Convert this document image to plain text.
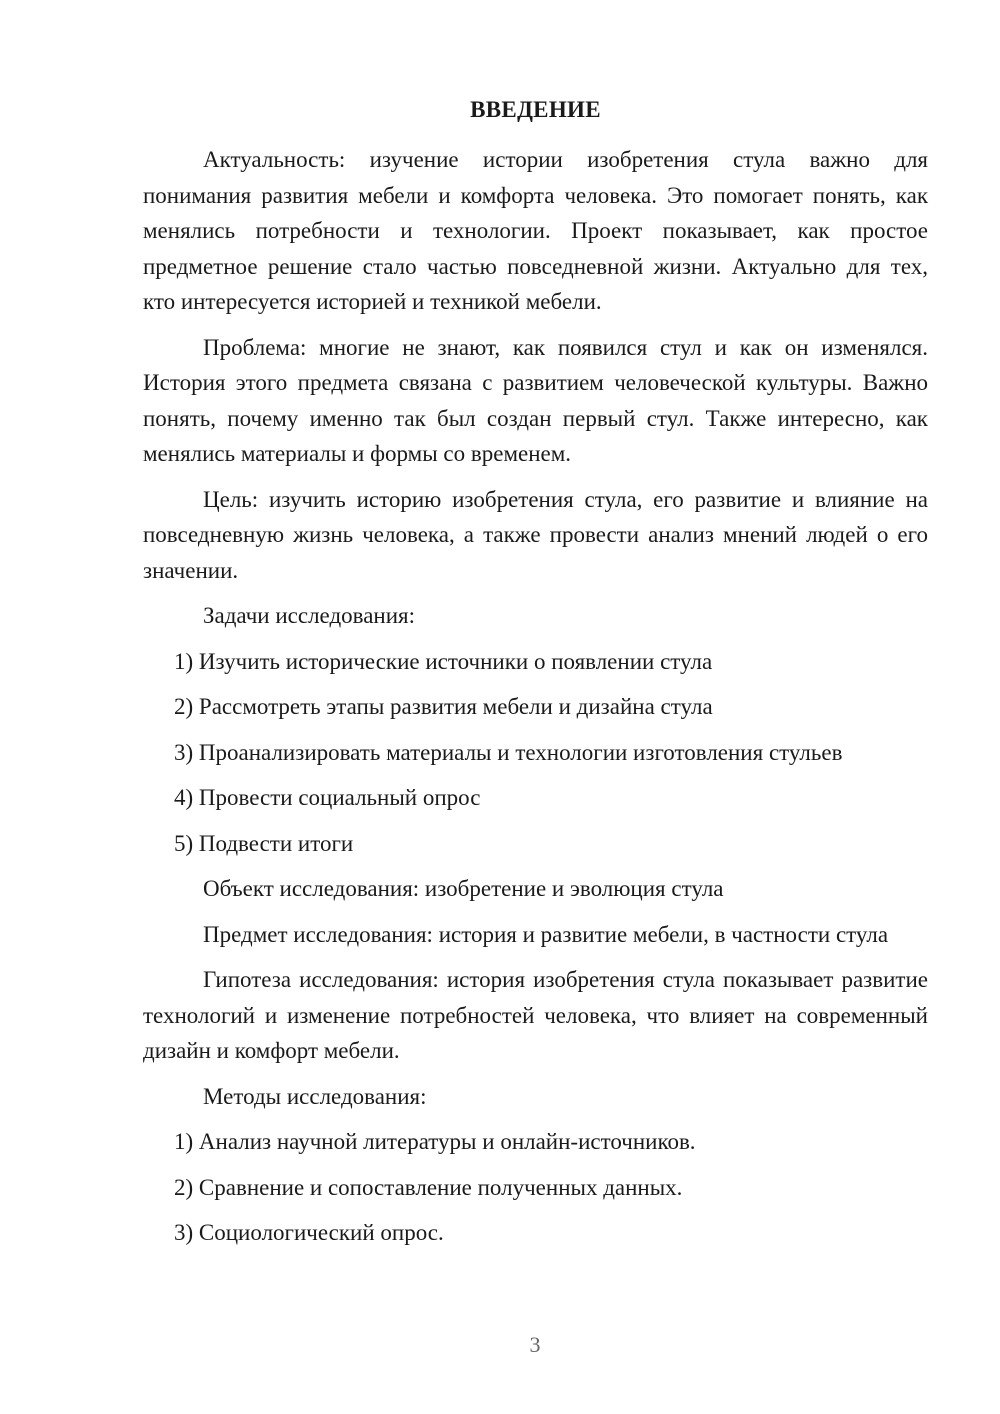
ВВЕДЕНИЕ

Актуальность: изучение истории изобретения стула важно для понимания развития мебели и комфорта человека. Это помогает понять, как менялись потребности и технологии. Проект показывает, как простое предметное решение стало частью повседневной жизни. Актуально для тех, кто интересуется историей и техникой мебели.

Проблема: многие не знают, как появился стул и как он изменялся. История этого предмета связана с развитием человеческой культуры. Важно понять, почему именно так был создан первый стул. Также интересно, как менялись материалы и формы со временем.

Цель: изучить историю изобретения стула, его развитие и влияние на повседневную жизнь человека, а также провести анализ мнений людей о его значении.

Задачи исследования:

1) Изучить исторические источники о появлении стула

2) Рассмотреть этапы развития мебели и дизайна стула

3) Проанализировать материалы и технологии изготовления стульев

4) Провести социальный опрос

5) Подвести итоги

Объект исследования: изобретение и эволюция стула

Предмет исследования: история и развитие мебели, в частности стула

Гипотеза исследования: история изобретения стула показывает развитие технологий и изменение потребностей человека, что влияет на современный дизайн и комфорт мебели.

Методы исследования:

1) Анализ научной литературы и онлайн-источников.

2) Сравнение и сопоставление полученных данных.

3) Социологический опрос.

3
